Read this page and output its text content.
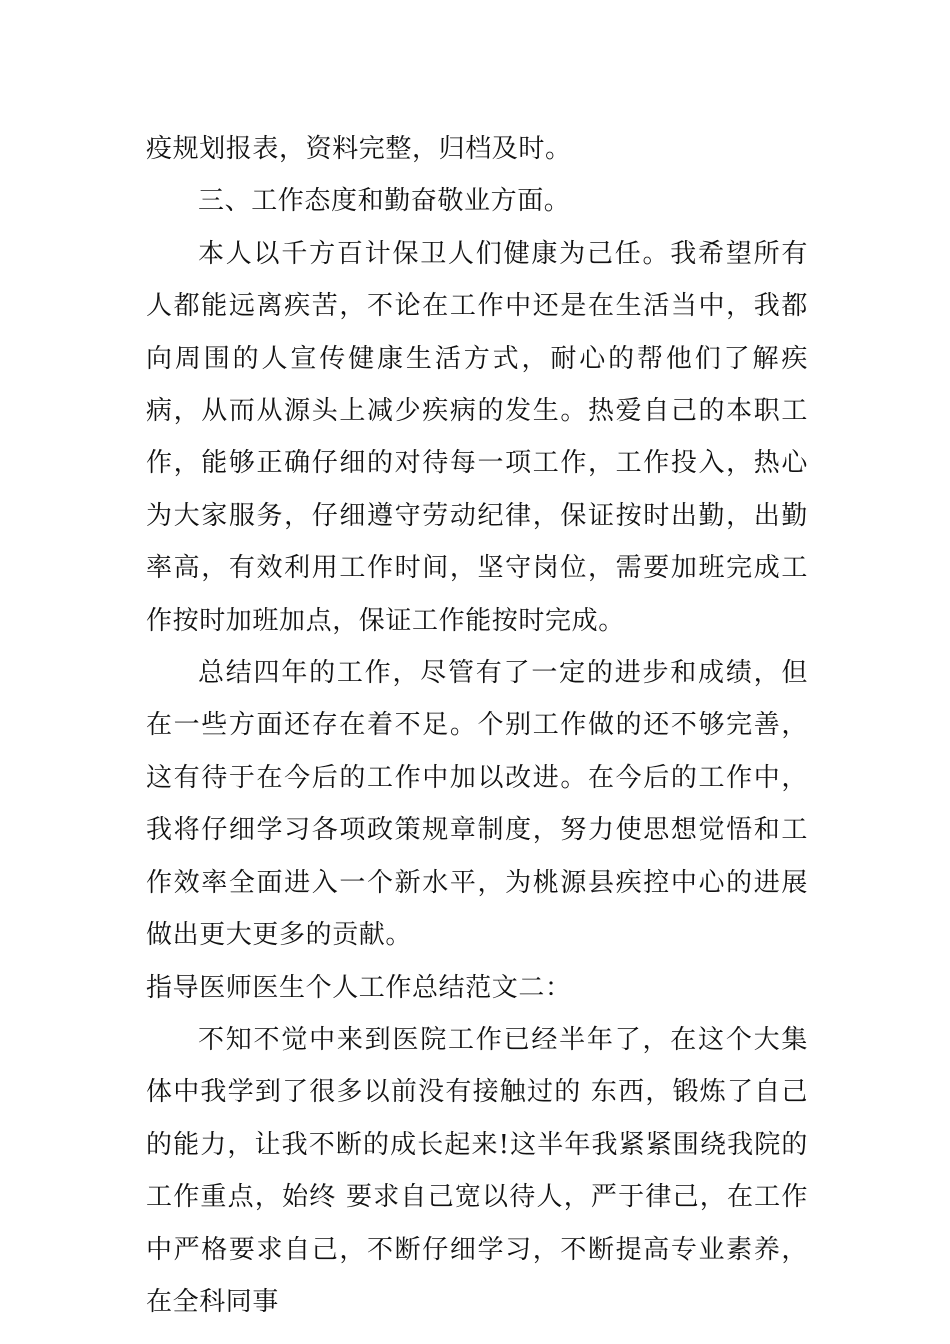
疫规划报表，资料完整，归档及时。

三、工作态度和勤奋敬业方面。

本人以千方百计保卫人们健康为己任。我希望所有人都能远离疾苦，不论在工作中还是在生活当中，我都向周围的人宣传健康生活方式，耐心的帮他们了解疾病，从而从源头上减少疾病的发生。热爱自己的本职工作，能够正确仔细的对待每一项工作，工作投入，热心为大家服务，仔细遵守劳动纪律，保证按时出勤，出勤率高，有效利用工作时间，坚守岗位，需要加班完成工作按时加班加点，保证工作能按时完成。

总结四年的工作，尽管有了一定的进步和成绩，但在一些方面还存在着不足。个别工作做的还不够完善，这有待于在今后的工作中加以改进。在今后的工作中，我将仔细学习各项政策规章制度，努力使思想觉悟和工作效率全面进入一个新水平，为桃源县疾控中心的进展做出更大更多的贡献。

指导医师医生个人工作总结范文二：

不知不觉中来到医院工作已经半年了，在这个大集体中我学到了很多以前没有接触过的 东西，锻炼了自己的能力，让我不断的成长起来!这半年我紧紧围绕我院的工作重点，始终 要求自己宽以待人，严于律己，在工作中严格要求自己，不断仔细学习，不断提高专业素养，在全科同事
